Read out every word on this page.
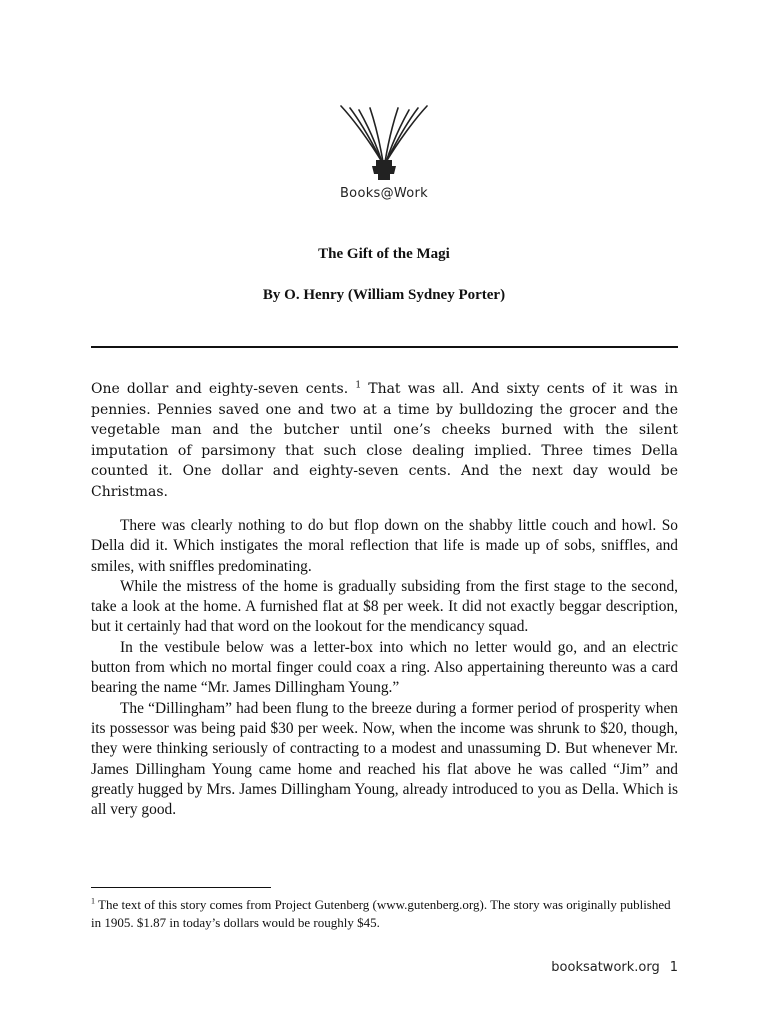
Books@Work
The Gift of the Magi
By O. Henry (William Sydney Porter)
One dollar and eighty-seven cents. $^1$ That was all. And sixty cents of it was in pennies. Pennies saved one and two at a time by bulldozing the grocer and the vegetable man and the butcher until one’s cheeks burned with the silent imputation of parsimony that such close dealing implied. Three times Della counted it. One dollar and eighty-seven cents. And the next day would be Christmas.

There was clearly nothing to do but flop down on the shabby little couch and howl. So Della did it. Which instigates the moral reflection that life is made up of sobs, sniffles, and smiles, with sniffles predominating.

While the mistress of the home is gradually subsiding from the first stage to the second, take a look at the home. A furnished flat at $8 per week. It did not exactly beggar description, but it certainly had that word on the lookout for the mendicancy squad.

In the vestibule below was a letter-box into which no letter would go, and an electric button from which no mortal finger could coax a ring. Also appertaining thereunto was a card bearing the name “Mr. James Dillingham Young.”

The “Dillingham” had been flung to the breeze during a former period of prosperity when its possessor was being paid $30 per week. Now, when the income was shrunk to $20, though, they were thinking seriously of contracting to a modest and unassuming D. But whenever Mr. James Dillingham Young came home and reached his flat above he was called “Jim” and greatly hugged by Mrs. James Dillingham Young, already introduced to you as Della. Which is all very good.

$^1$ The text of this story comes from Project Gutenberg (www.gutenberg.org). The story was originally published in 1905. $1.87 in today’s dollars would be roughly $45.
booksatwork.org 1
